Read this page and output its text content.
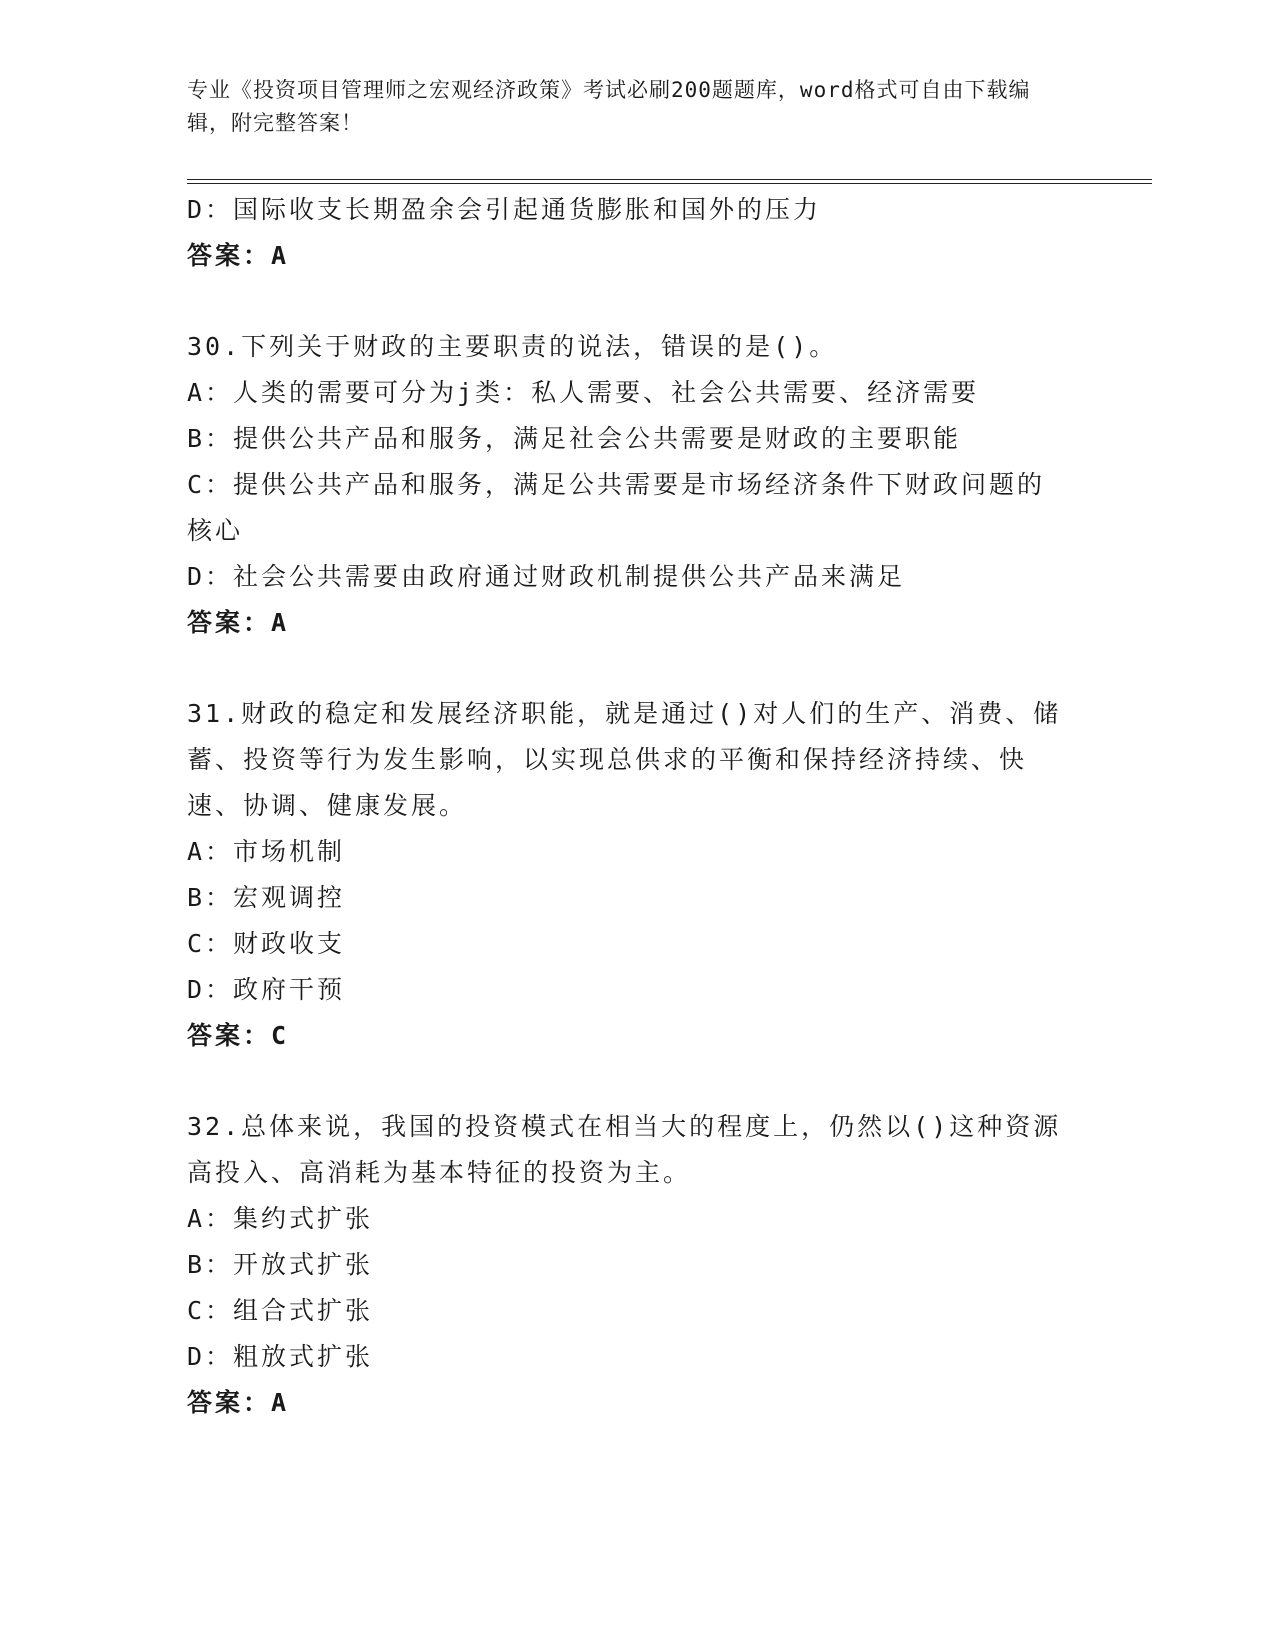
专业《投资项目管理师之宏观经济政策》考试必刷200题题库，word格式可自由下载编辑，附完整答案！
D：国际收支长期盈余会引起通货膨胀和国外的压力
答案：A
30.下列关于财政的主要职责的说法，错误的是()。
A：人类的需要可分为j类：私人需要、社会公共需要、经济需要
B：提供公共产品和服务，满足社会公共需要是财政的主要职能
C：提供公共产品和服务，满足公共需要是市场经济条件下财政问题的核心
D：社会公共需要由政府通过财政机制提供公共产品来满足
答案：A
31.财政的稳定和发展经济职能，就是通过()对人们的生产、消费、储蓄、投资等行为发生影响，以实现总供求的平衡和保持经济持续、快速、协调、健康发展。
A：市场机制
B：宏观调控
C：财政收支
D：政府干预
答案：C
32.总体来说，我国的投资模式在相当大的程度上，仍然以()这种资源高投入、高消耗为基本特征的投资为主。
A：集约式扩张
B：开放式扩张
C：组合式扩张
D：粗放式扩张
答案：A
